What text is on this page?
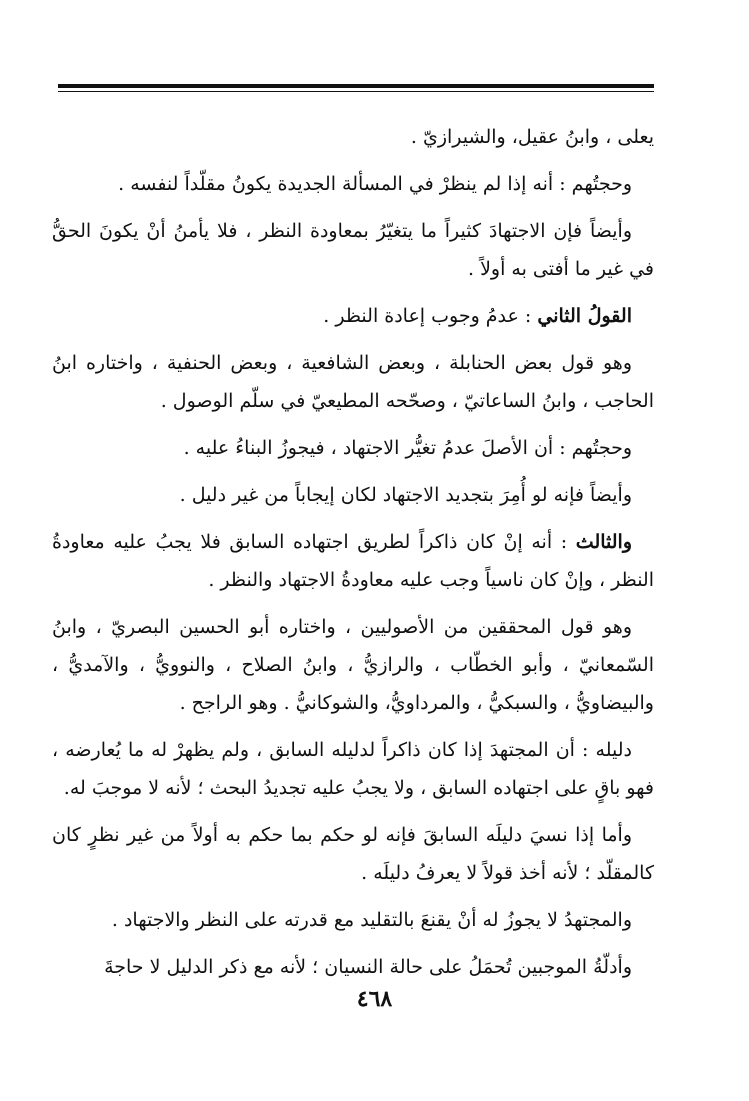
يعلى ، وابنُ عقيل، والشيرازيّ .

وحجتُهم : أنه إذا لم ينظرْ في المسألة الجديدة يكونُ مقلّداً لنفسه .

وأيضاً فإن الاجتهادَ كثيراً ما يتغيّرُ بمعاودة النظر ، فلا يأمنُ أنْ يكونَ الحقُّ في غير ما أفتى به أولاً .

القولُ الثاني : عدمُ وجوب إعادة النظر .

وهو قول بعض الحنابلة ، وبعض الشافعية ، وبعض الحنفية ، واختاره ابنُ الحاجب ، وابنُ الساعاتيّ ، وصحّحه المطيعيّ في سلّم الوصول .

وحجتُهم : أن الأصلَ عدمُ تغيُّر الاجتهاد ، فيجوزُ البناءُ عليه .

وأيضاً فإنه لو أُمِرَ بتجديد الاجتهاد لكان إيجاباً من غير دليل .

والثالث : أنه إنْ كان ذاكراً لطريق اجتهاده السابق فلا يجبُ عليه معاودةُ النظر ، وإنْ كان ناسياً وجب عليه معاودةُ الاجتهاد والنظر .

وهو قول المحققين من الأصوليين ، واختاره أبو الحسين البصريّ ، وابنُ السّمعانيّ ، وأبو الخطّاب ، والرازيُّ ، وابنُ الصلاح ، والنوويُّ ، والآمديُّ ، والبيضاويُّ ، والسبكيُّ ، والمرداويُّ، والشوكانيُّ . وهو الراجح .

دليله : أن المجتهدَ إذا كان ذاكراً لدليله السابق ، ولم يظهرْ له ما يُعارضه ، فهو باقٍ على اجتهاده السابق ، ولا يجبُ عليه تجديدُ البحث ؛ لأنه لا موجبَ له.

وأما إذا نسيَ دليلَه السابقَ فإنه لو حكم بما حكم به أولاً من غير نظرٍ كان كالمقلّد ؛ لأنه أخذ قولاً لا يعرفُ دليلَه .

والمجتهدُ لا يجوزُ له أنْ يقنعَ بالتقليد مع قدرته على النظر والاجتهاد .

وأدلّةُ الموجبين تُحمَلُ على حالة النسيان ؛ لأنه مع ذكر الدليل لا حاجةَ

٤٦٨
